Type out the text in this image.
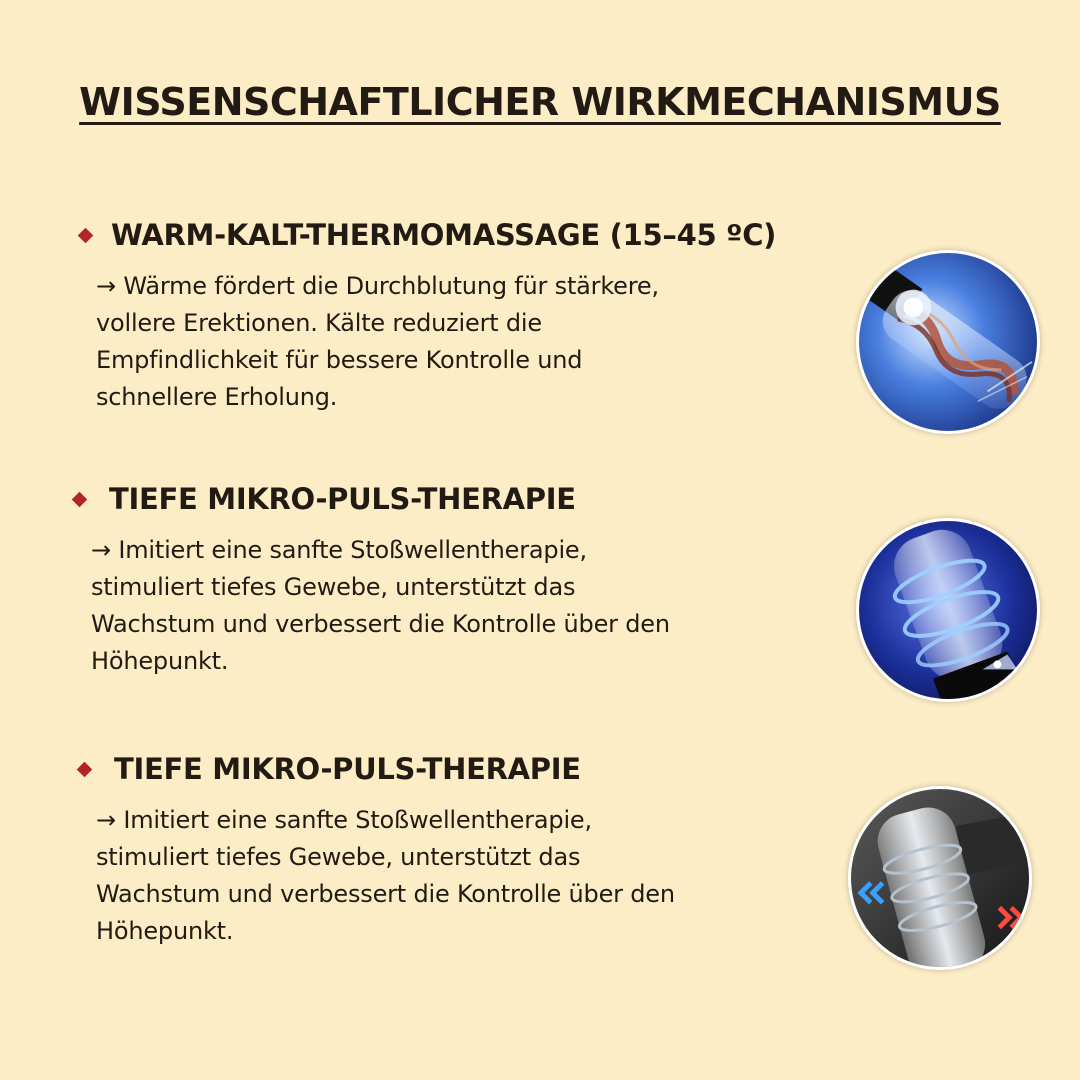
WISSENSCHAFTLICHER WIRKMECHANISMUS
WARM-KALT-THERMOMASSAGE (15–45 ºC)
→ Wärme fördert die Durchblutung für stärkere,
vollere Erektionen. Kälte reduziert die
Empfindlichkeit für bessere Kontrolle und
schnellere Erholung.
TIEFE MIKRO-PULS-THERAPIE
→ Imitiert eine sanfte Stoßwellentherapie,
stimuliert tiefes Gewebe, unterstützt das
Wachstum und verbessert die Kontrolle über den
Höhepunkt.
TIEFE MIKRO-PULS-THERAPIE
→ Imitiert eine sanfte Stoßwellentherapie,
stimuliert tiefes Gewebe, unterstützt das
Wachstum und verbessert die Kontrolle über den
Höhepunkt.
